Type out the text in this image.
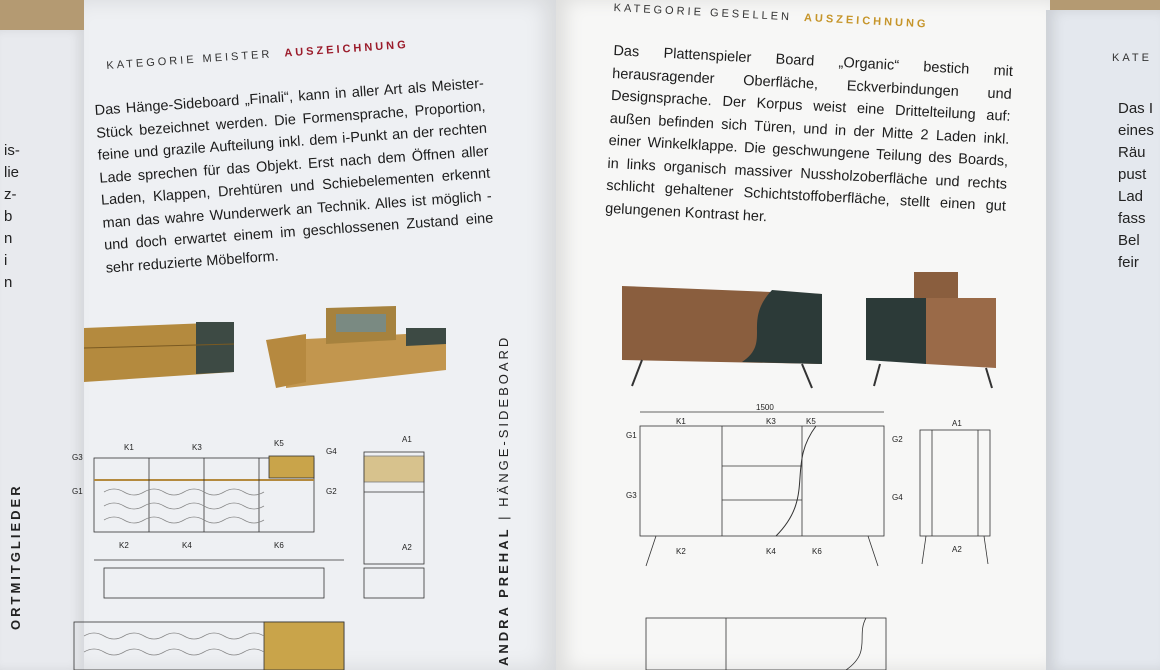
is-
lie
z-
b
n
i
n
ORTMITGLIEDER
KATEGORIE MEISTER AUSZEICHNUNG
Das Hänge-Sideboard „Finali“, kann in aller Art als Meister-Stück bezeichnet werden. Die Formensprache, Proportion, feine und grazile Aufteilung inkl. dem i-Punkt an der rechten Lade sprechen für das Objekt. Erst nach dem Öffnen aller Laden, Klappen, Drehtüren und Schiebelementen erkennt man das wahre Wunderwerk an Technik. Alles ist möglich - und doch erwartet einem im geschlossenen Zustand eine sehr reduzierte Möbelform.
K1	K3	K5
G3
G1
G4
G2
K2	K4	K6
A1
A2	ANDRA PREHAL | HÄNGE-SIDEBOARD
KATEGORIE GESELLEN AUSZEICHNUNG
Das Plattenspieler Board „Organic“ bestich mit herausragender Oberfläche, Eckverbindungen und Designsprache. Der Korpus weist eine Drittelteilung auf: außen befinden sich Türen, und in der Mitte 2 Laden inkl. einer Winkelklappe. Die geschwungene Teilung des Boards, in links organisch massiver Nussholzoberfläche und rechts schlicht gehaltener Schichtstoffoberfläche, stellt einen gut gelungenen Kontrast her.
1500
K1	K3	K5
G1	G2
G3	G4
K2	K4	K6
A1
A2
KATE
Das I
eines
Räu
pust
Lad
fass
Bel
feir
